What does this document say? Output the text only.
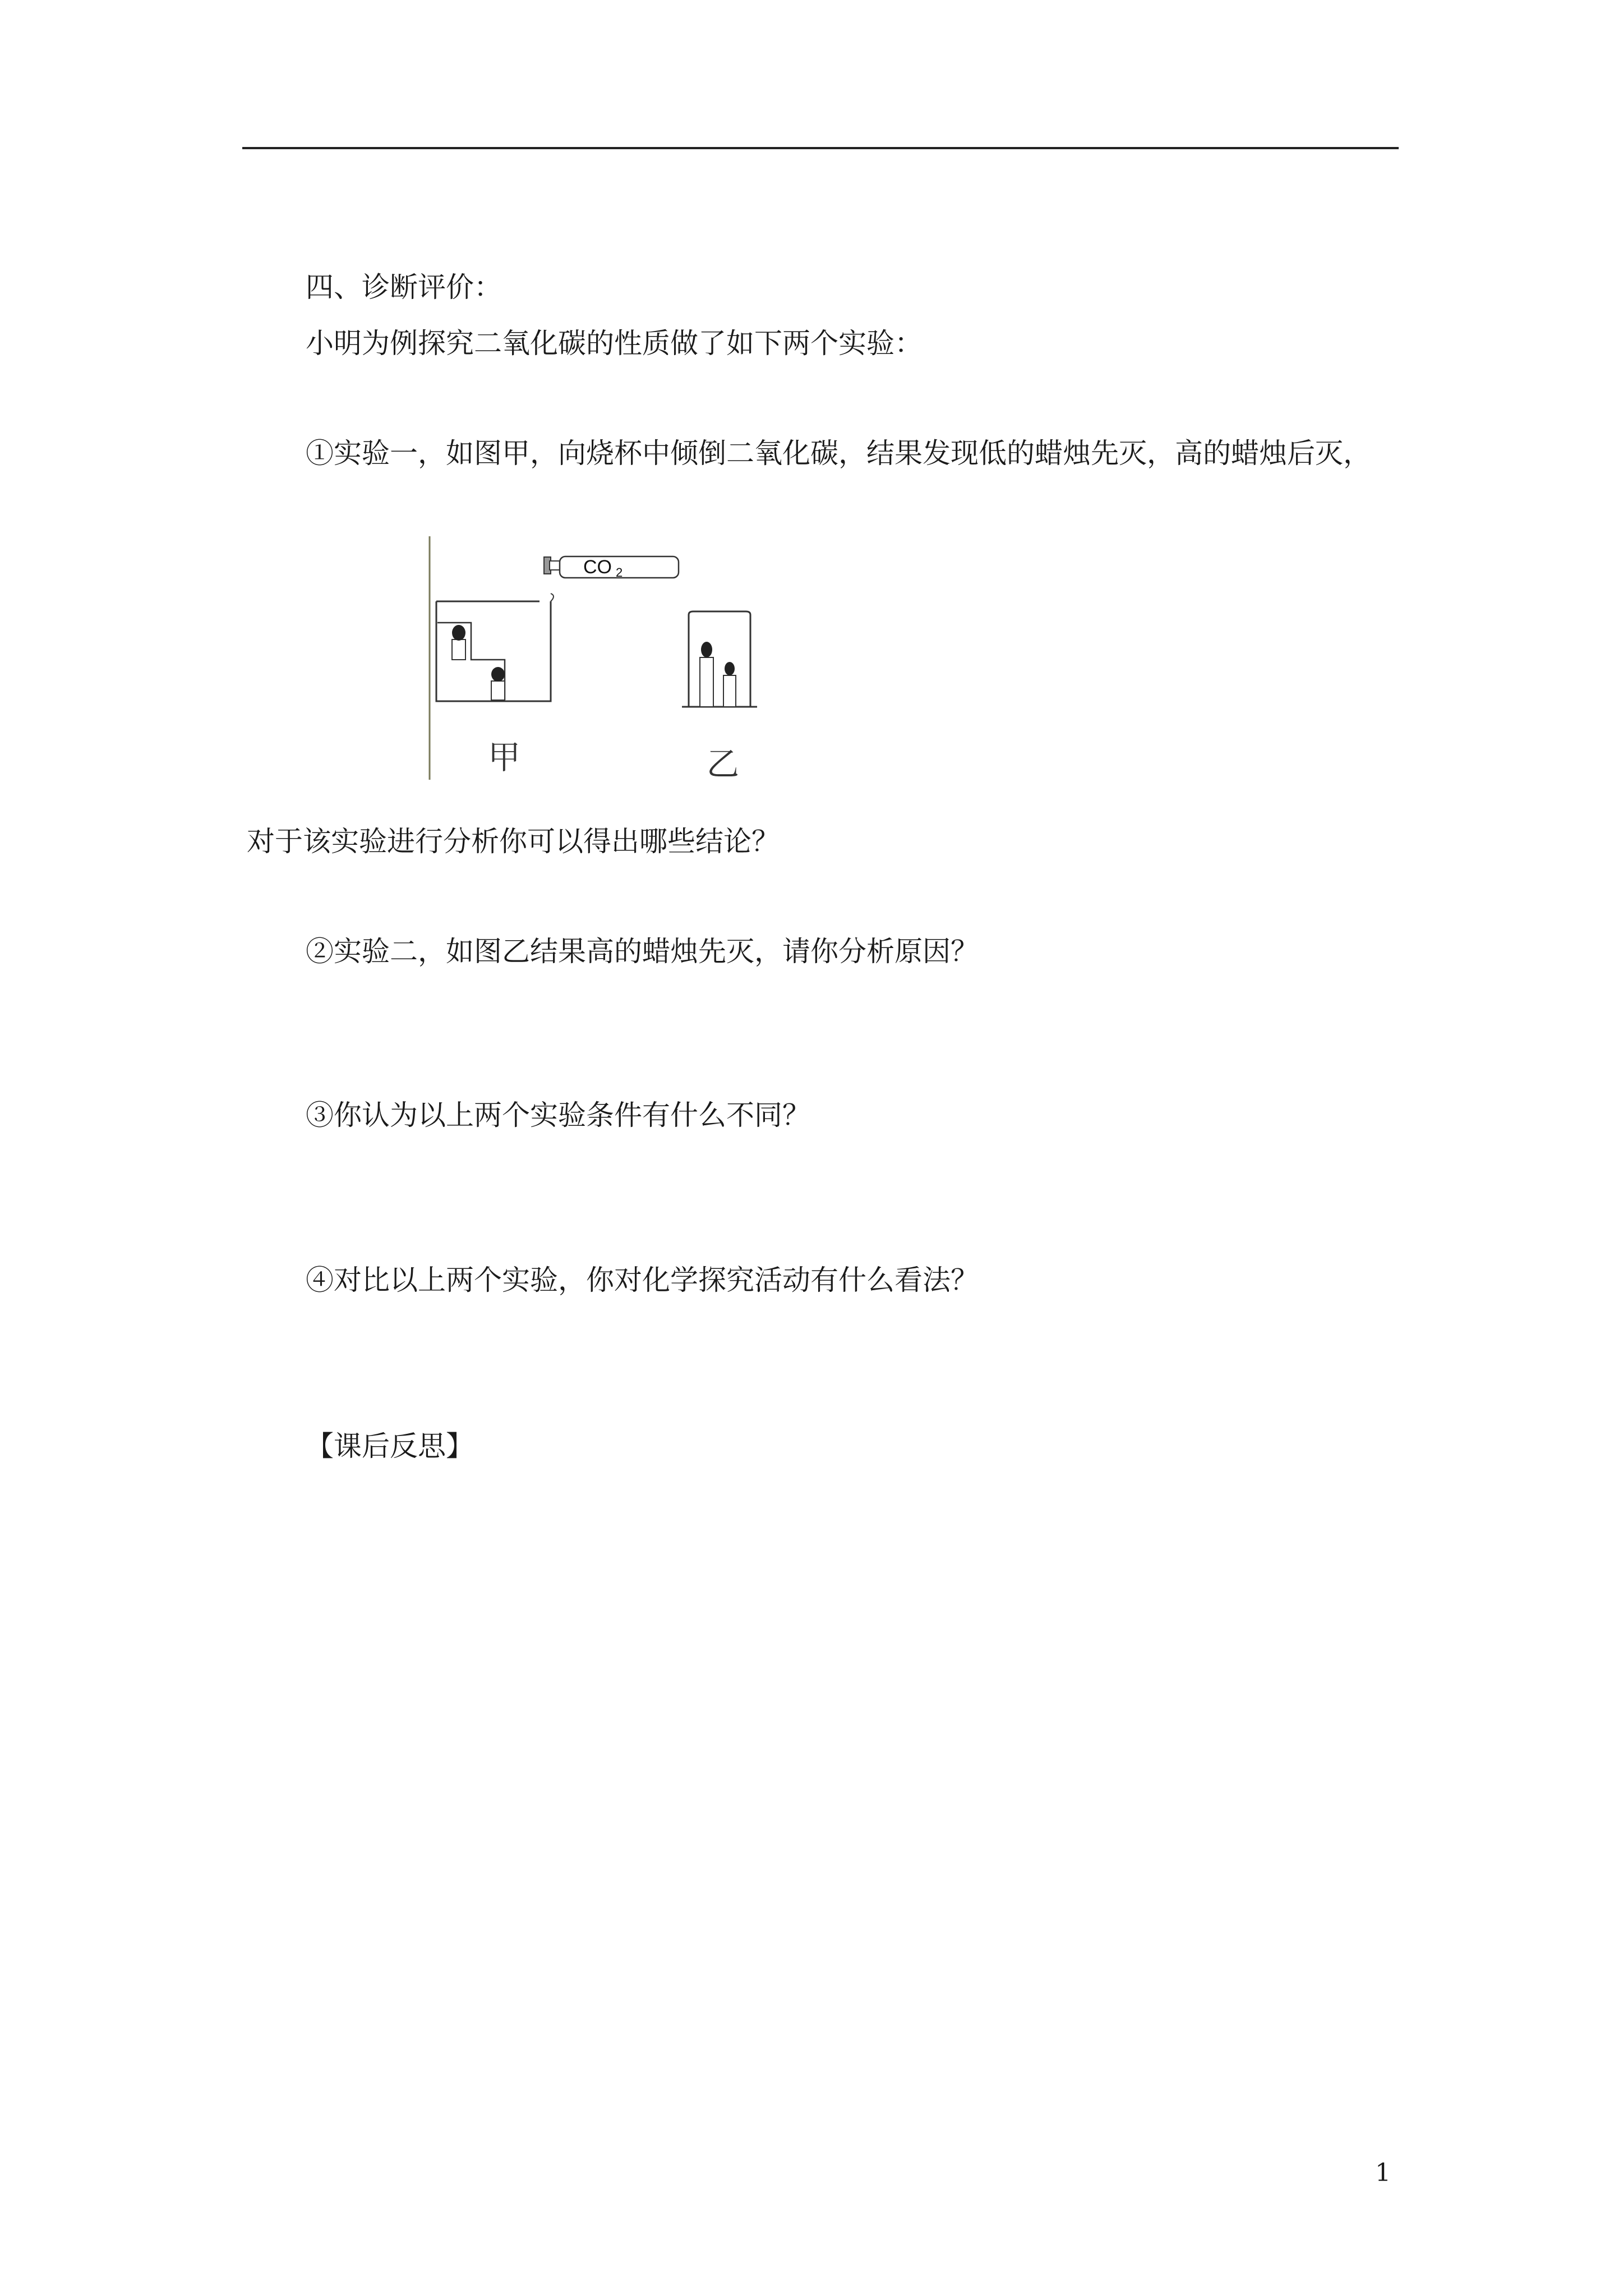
四、诊断评价：
小明为例探究二氧化碳的性质做了如下两个实验：
①实验一，如图甲，向烧杯中倾倒二氧化碳，结果发现低的蜡烛先灭，高的蜡烛后灭，
CO 2
甲	乙
对于该实验进行分析你可以得出哪些结论？
②实验二，如图乙结果高的蜡烛先灭，请你分析原因？
③你认为以上两个实验条件有什么不同？
④对比以上两个实验，你对化学探究活动有什么看法？
【课后反思】
1
